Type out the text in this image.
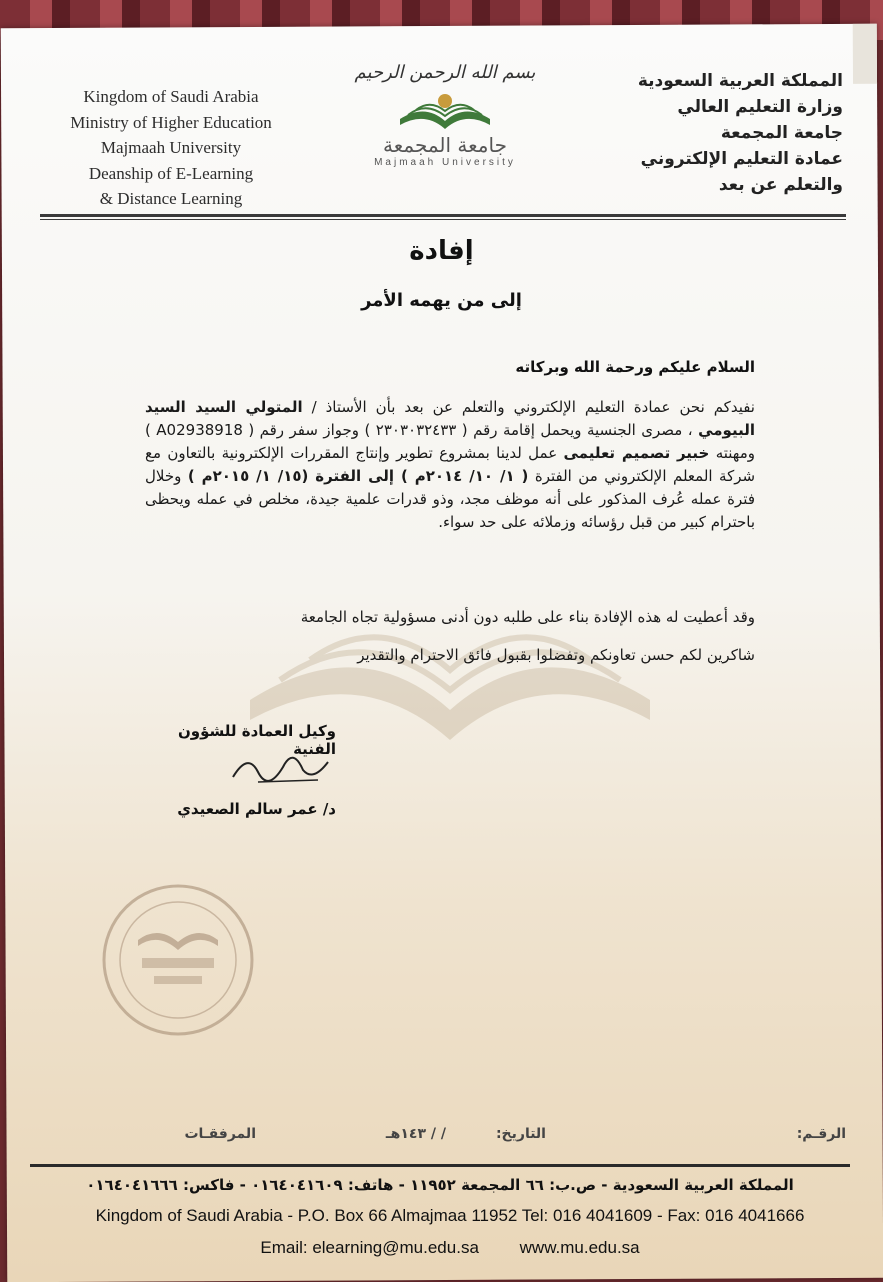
Kingdom of Saudi Arabia
Ministry of Higher Education
Majmaah University
Deanship of E-Learning
& Distance Learning
بسم الله الرحمن الرحيم
جامعة المجمعة
Majmaah University
المملكة العربية السعودية
وزارة التعليم العالي
جامعة المجمعة
عمادة التعليم الإلكتروني
والتعلم عن بعد
إفادة
إلى من يهمه الأمر
السلام عليكم ورحمة الله وبركاته
نفيدكم نحن عمادة التعليم الإلكتروني والتعلم عن بعد بأن الأستاذ / المتولي السيد السيد البيومي ، مصرى الجنسية ويحمل إقامة رقم ( ٢٣٠٣٠٣٢٤٣٣ ) وجواز سفر رقم ( A02938918 ) ومهنته خبير تصميم تعليمى عمل لدينا بمشروع تطوير وإنتاج المقررات الإلكترونية بالتعاون مع شركة المعلم الإلكتروني من الفترة ( ١/ ١٠/ ٢٠١٤م ) إلى الفترة (١٥/ ١/ ٢٠١٥م ) وخلال فترة عمله عُرف المذكور على أنه موظف مجد، وذو قدرات علمية جيدة، مخلص في عمله ويحظى باحترام كبير من قبل رؤسائه وزملائه على حد سواء.
وقد أعطيت له هذه الإفادة بناء على طلبه دون أدنى مسؤولية تجاه الجامعة
شاكرين لكم حسن تعاونكم وتفضلوا بقبول فائق الاحترام والتقدير
وكيل العمادة للشؤون الفنية
د/ عمر سالم الصعيدي
الرقـم:
التاريخ:
/ / ١٤٣هـ
المرفقـات
المملكة العربية السعودية - ص.ب: ٦٦ المجمعة ١١٩٥٢ - هاتف: ٠١٦٤٠٤١٦٠٩ - فاكس: ٠١٦٤٠٤١٦٦٦
Kingdom of Saudi Arabia - P.O. Box 66 Almajmaa 11952 Tel: 016 4041609 - Fax: 016 4041666
Email: elearning@mu.edu.sa www.mu.edu.sa
